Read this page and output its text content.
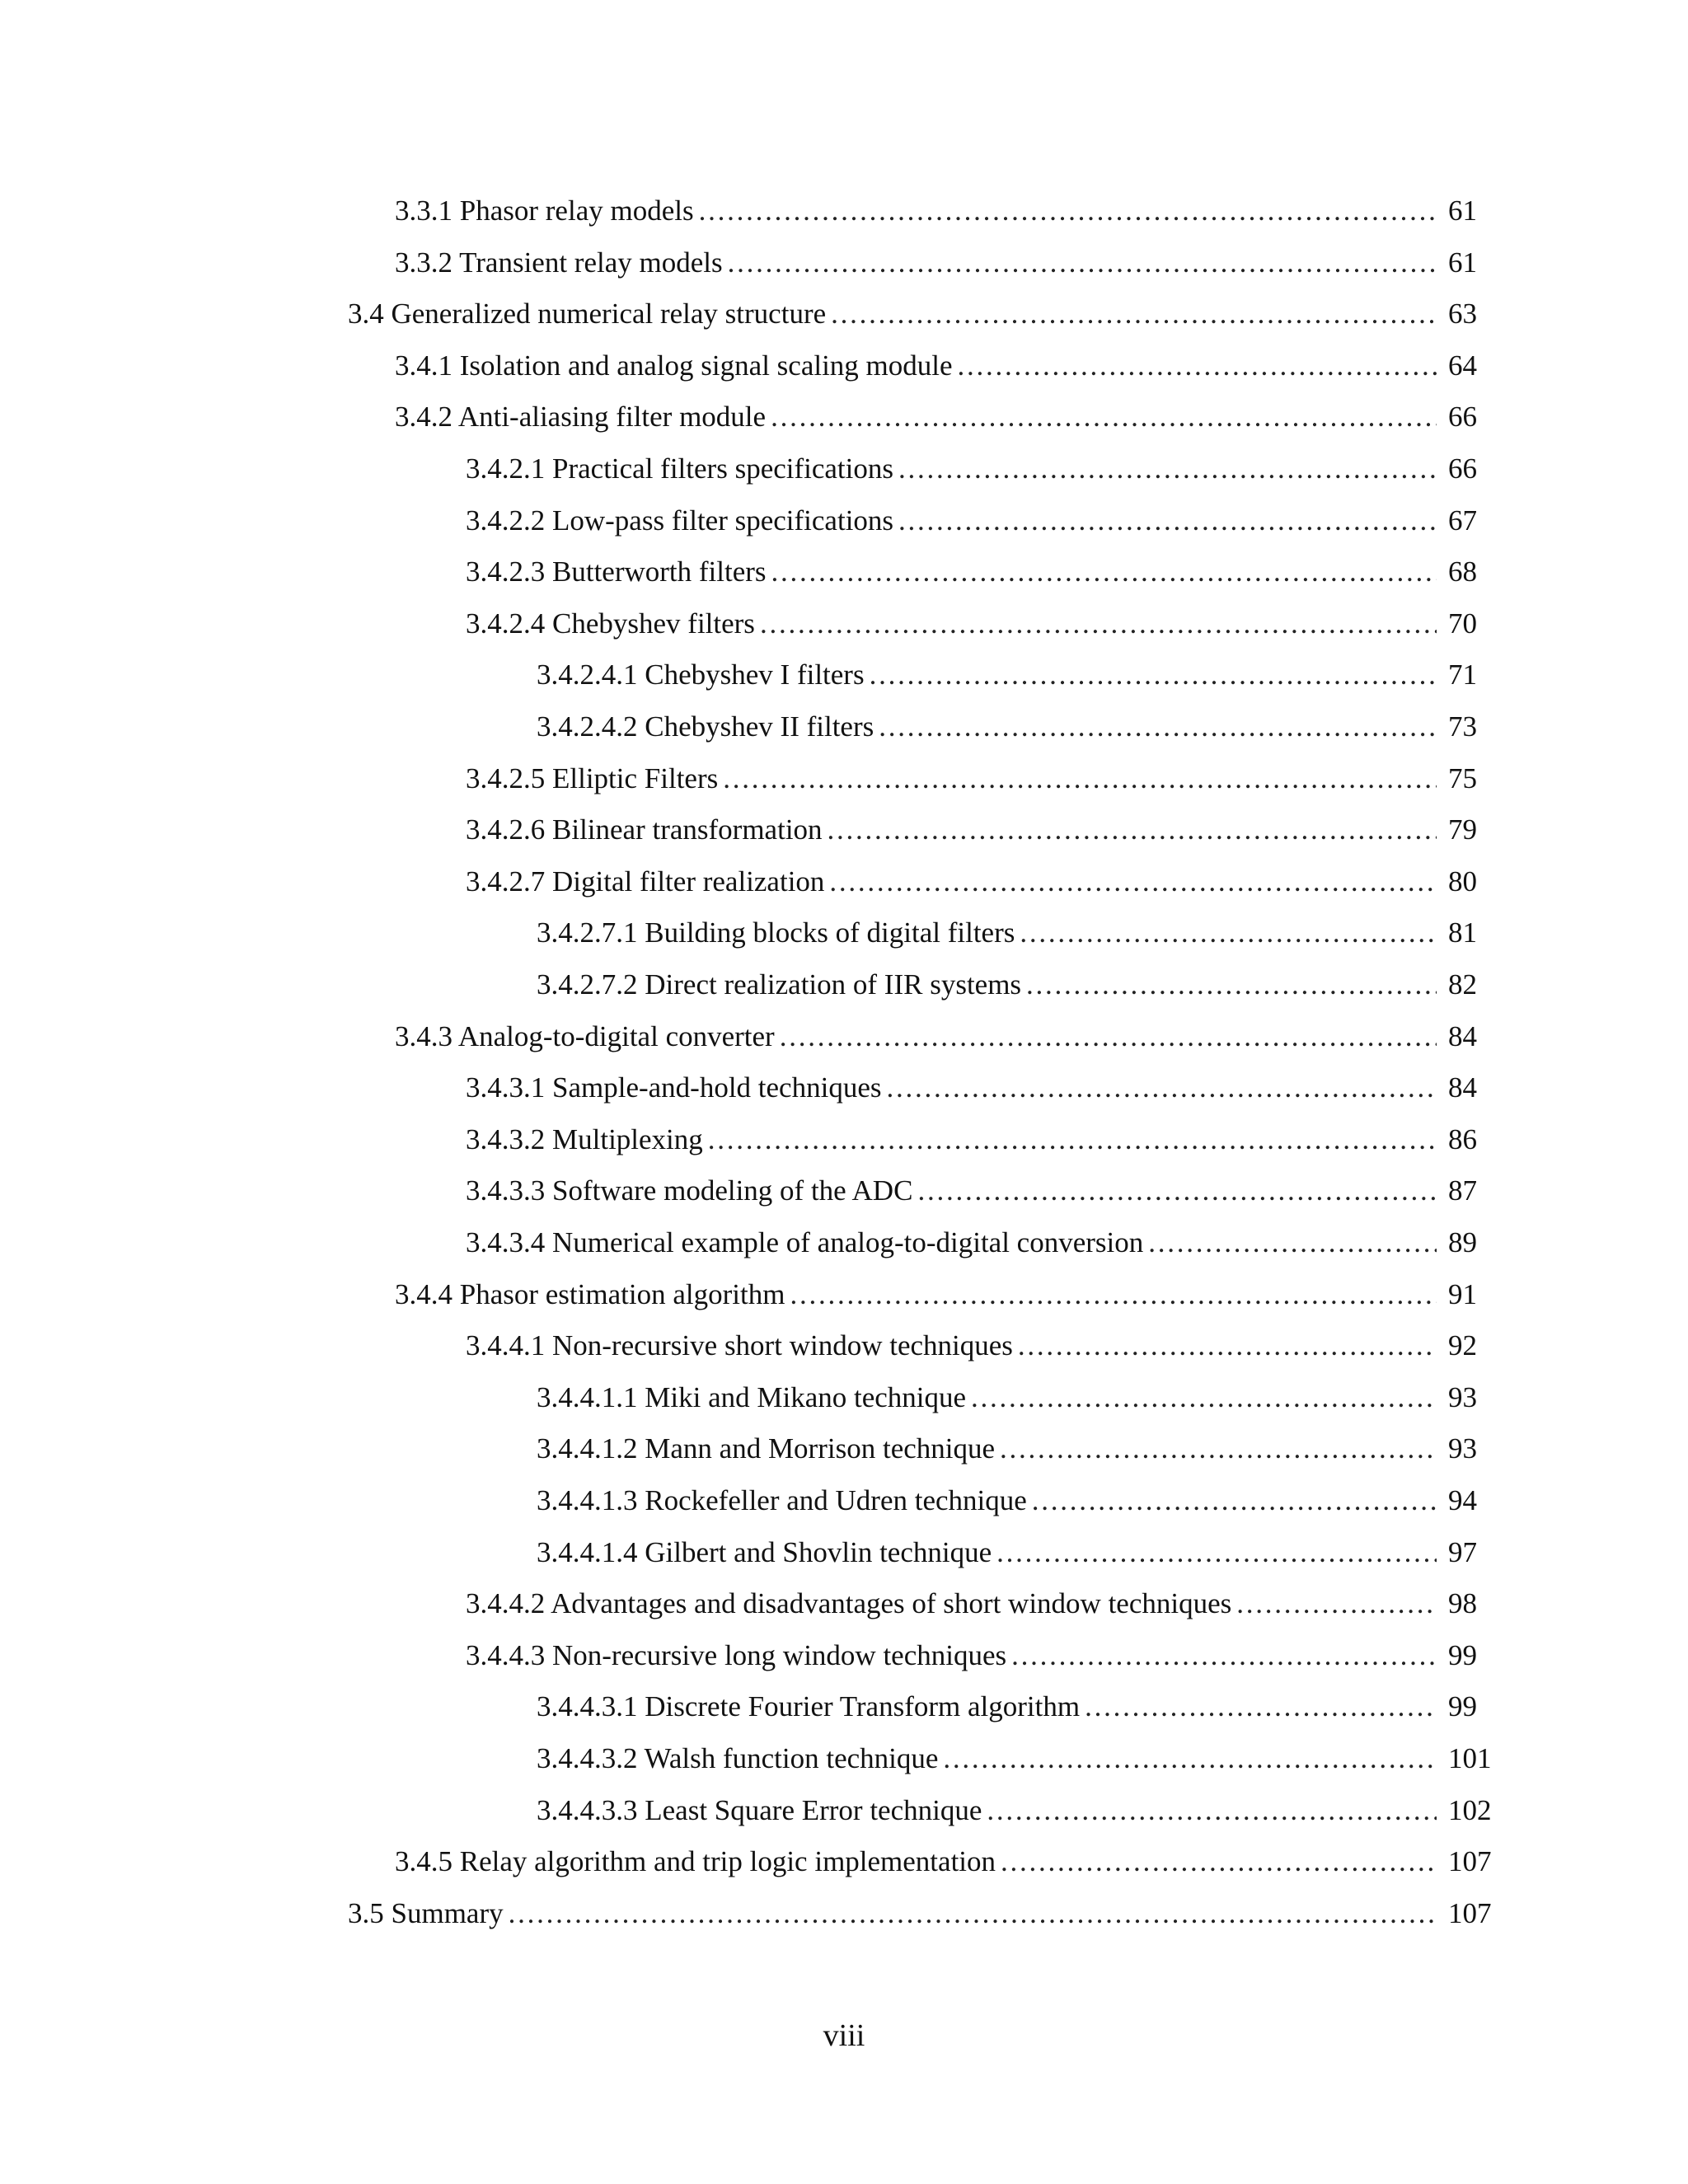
3.3.1 Phasor relay models . . .	61
3.3.2 Transient relay models . . .	61
3.4 Generalized numerical relay structure . . .	63
3.4.1 Isolation and analog signal scaling module . . .	64
3.4.2 Anti-aliasing filter module . . .	66
3.4.2.1 Practical filters specifications . . .	66
3.4.2.2 Low-pass filter specifications . . .	67
3.4.2.3 Butterworth filters . . .	68
3.4.2.4 Chebyshev filters . . .	70
3.4.2.4.1 Chebyshev I filters . . .	71
3.4.2.4.2 Chebyshev II filters . . .	73
3.4.2.5 Elliptic Filters . . .	75
3.4.2.6 Bilinear transformation . . .	79
3.4.2.7 Digital filter realization . . .	80
3.4.2.7.1 Building blocks of digital filters . . .	81
3.4.2.7.2 Direct realization of IIR systems . . .	82
3.4.3 Analog-to-digital converter . . .	84
3.4.3.1 Sample-and-hold techniques . . .	84
3.4.3.2 Multiplexing . . .	86
3.4.3.3 Software modeling of the ADC . . .	87
3.4.3.4 Numerical example of analog-to-digital conversion . . .	89
3.4.4 Phasor estimation algorithm . . .	91
3.4.4.1 Non-recursive short window techniques . . .	92
3.4.4.1.1 Miki and Mikano technique . . .	93
3.4.4.1.2 Mann and Morrison technique . . .	93
3.4.4.1.3 Rockefeller and Udren technique . . .	94
3.4.4.1.4 Gilbert and Shovlin technique . . .	97
3.4.4.2 Advantages and disadvantages of short window techniques . . .	98
3.4.4.3 Non-recursive long window techniques . . .	99
3.4.4.3.1 Discrete Fourier Transform algorithm . . .	99
3.4.4.3.2 Walsh function technique . . .	101
3.4.4.3.3 Least Square Error technique . . .	102
3.4.5 Relay algorithm and trip logic implementation . . .	107
3.5 Summary . . .	107
viii
